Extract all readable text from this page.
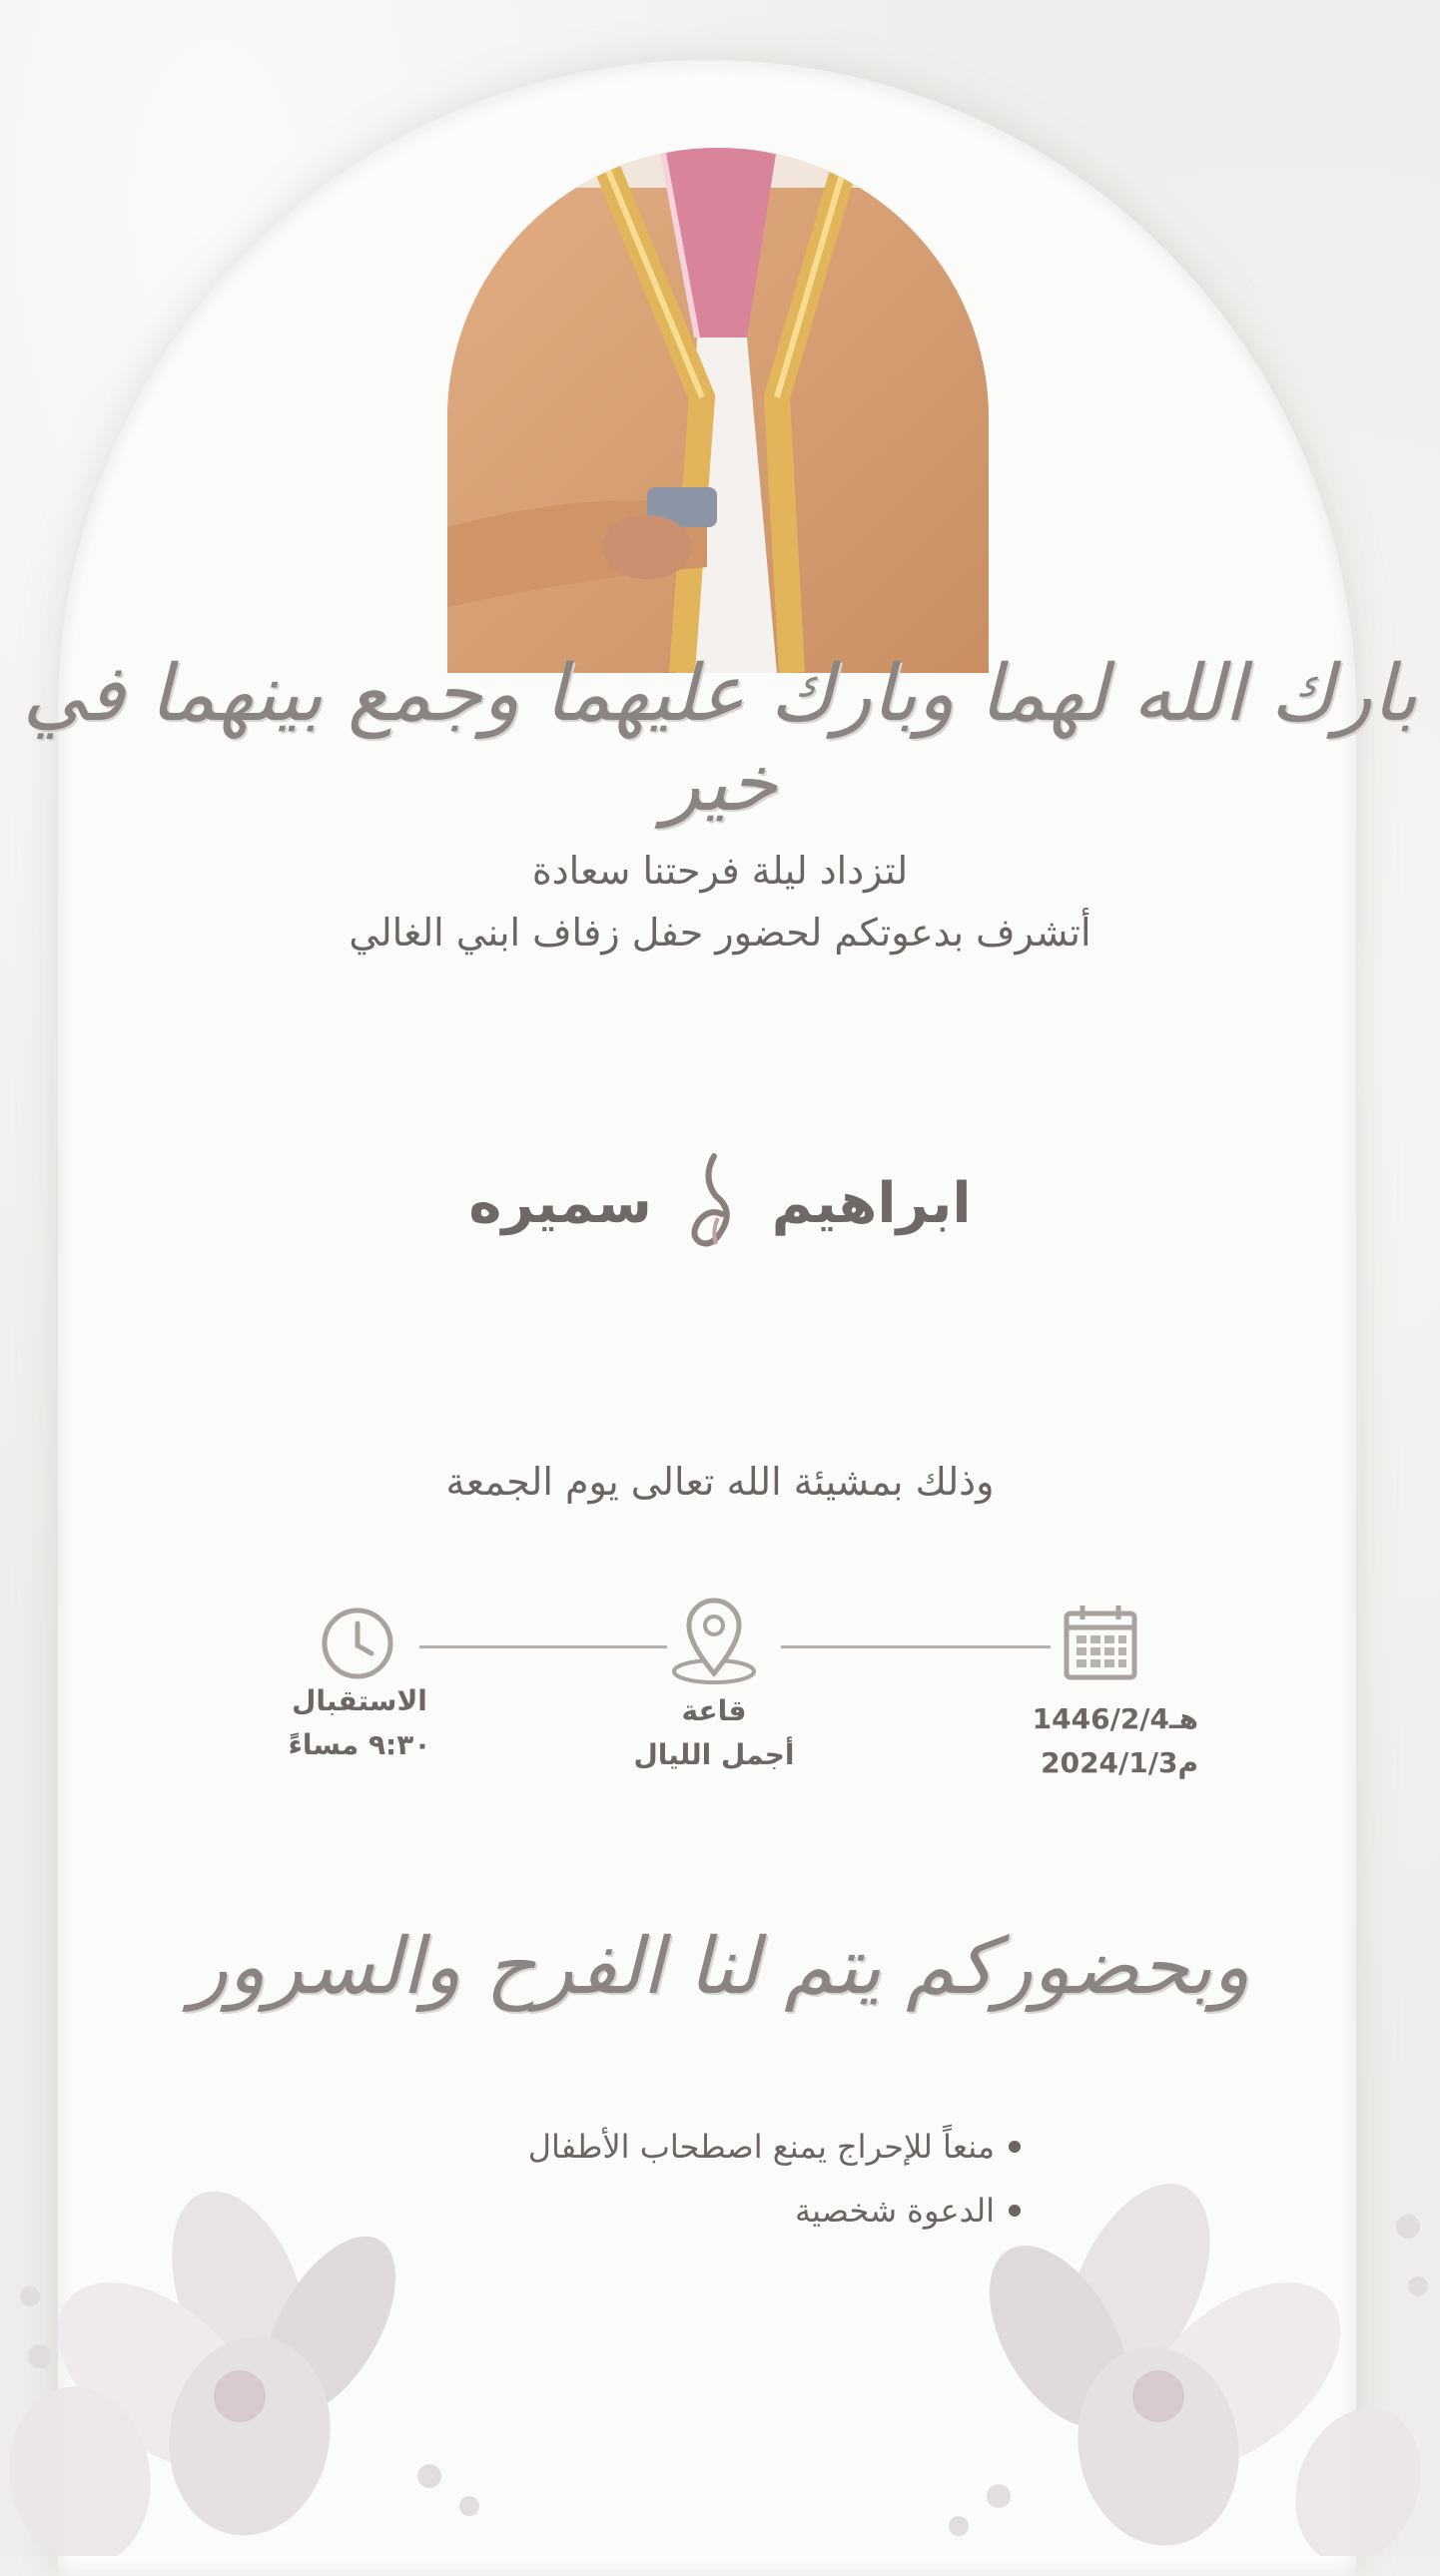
بارك الله لهما وبارك عليهما وجمع بينهما في خير
لتزداد ليلة فرحتنا سعادة
أتشرف بدعوتكم لحضور حفل زفاف ابني الغالي
ابراهيم
سميره
وذلك بمشيئة الله تعالى يوم الجمعة
الاستقبال
٩:٣٠ مساءً
قاعة
أجمل الليال
1446/2/4هـ
2024/1/3م
وبحضوركم يتم لنا الفرح والسرور
منعاً للإحراج يمنع اصطحاب الأطفال
الدعوة شخصية
